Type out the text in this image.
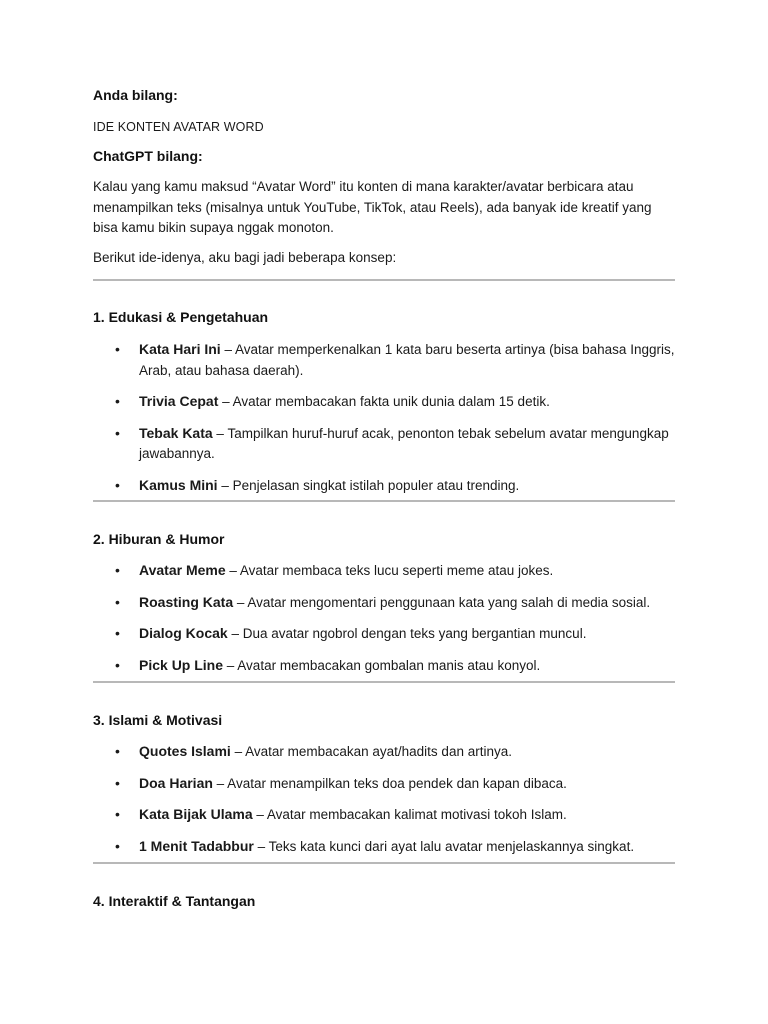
Anda bilang:

IDE KONTEN AVATAR WORD

ChatGPT bilang:

Kalau yang kamu maksud “Avatar Word” itu konten di mana karakter/avatar berbicara atau menampilkan teks (misalnya untuk YouTube, TikTok, atau Reels), ada banyak ide kreatif yang bisa kamu bikin supaya nggak monoton.

Berikut ide-idenya, aku bagi jadi beberapa konsep:

1. Edukasi & Pengetahuan

• Kata Hari Ini – Avatar memperkenalkan 1 kata baru beserta artinya (bisa bahasa Inggris, Arab, atau bahasa daerah).
• Trivia Cepat – Avatar membacakan fakta unik dunia dalam 15 detik.
• Tebak Kata – Tampilkan huruf-huruf acak, penonton tebak sebelum avatar mengungkap jawabannya.
• Kamus Mini – Penjelasan singkat istilah populer atau trending.

2. Hiburan & Humor

• Avatar Meme – Avatar membaca teks lucu seperti meme atau jokes.
• Roasting Kata – Avatar mengomentari penggunaan kata yang salah di media sosial.
• Dialog Kocak – Dua avatar ngobrol dengan teks yang bergantian muncul.
• Pick Up Line – Avatar membacakan gombalan manis atau konyol.

3. Islami & Motivasi

• Quotes Islami – Avatar membacakan ayat/hadits dan artinya.
• Doa Harian – Avatar menampilkan teks doa pendek dan kapan dibaca.
• Kata Bijak Ulama – Avatar membacakan kalimat motivasi tokoh Islam.
• 1 Menit Tadabbur – Teks kata kunci dari ayat lalu avatar menjelaskannya singkat.

4. Interaktif & Tantangan
